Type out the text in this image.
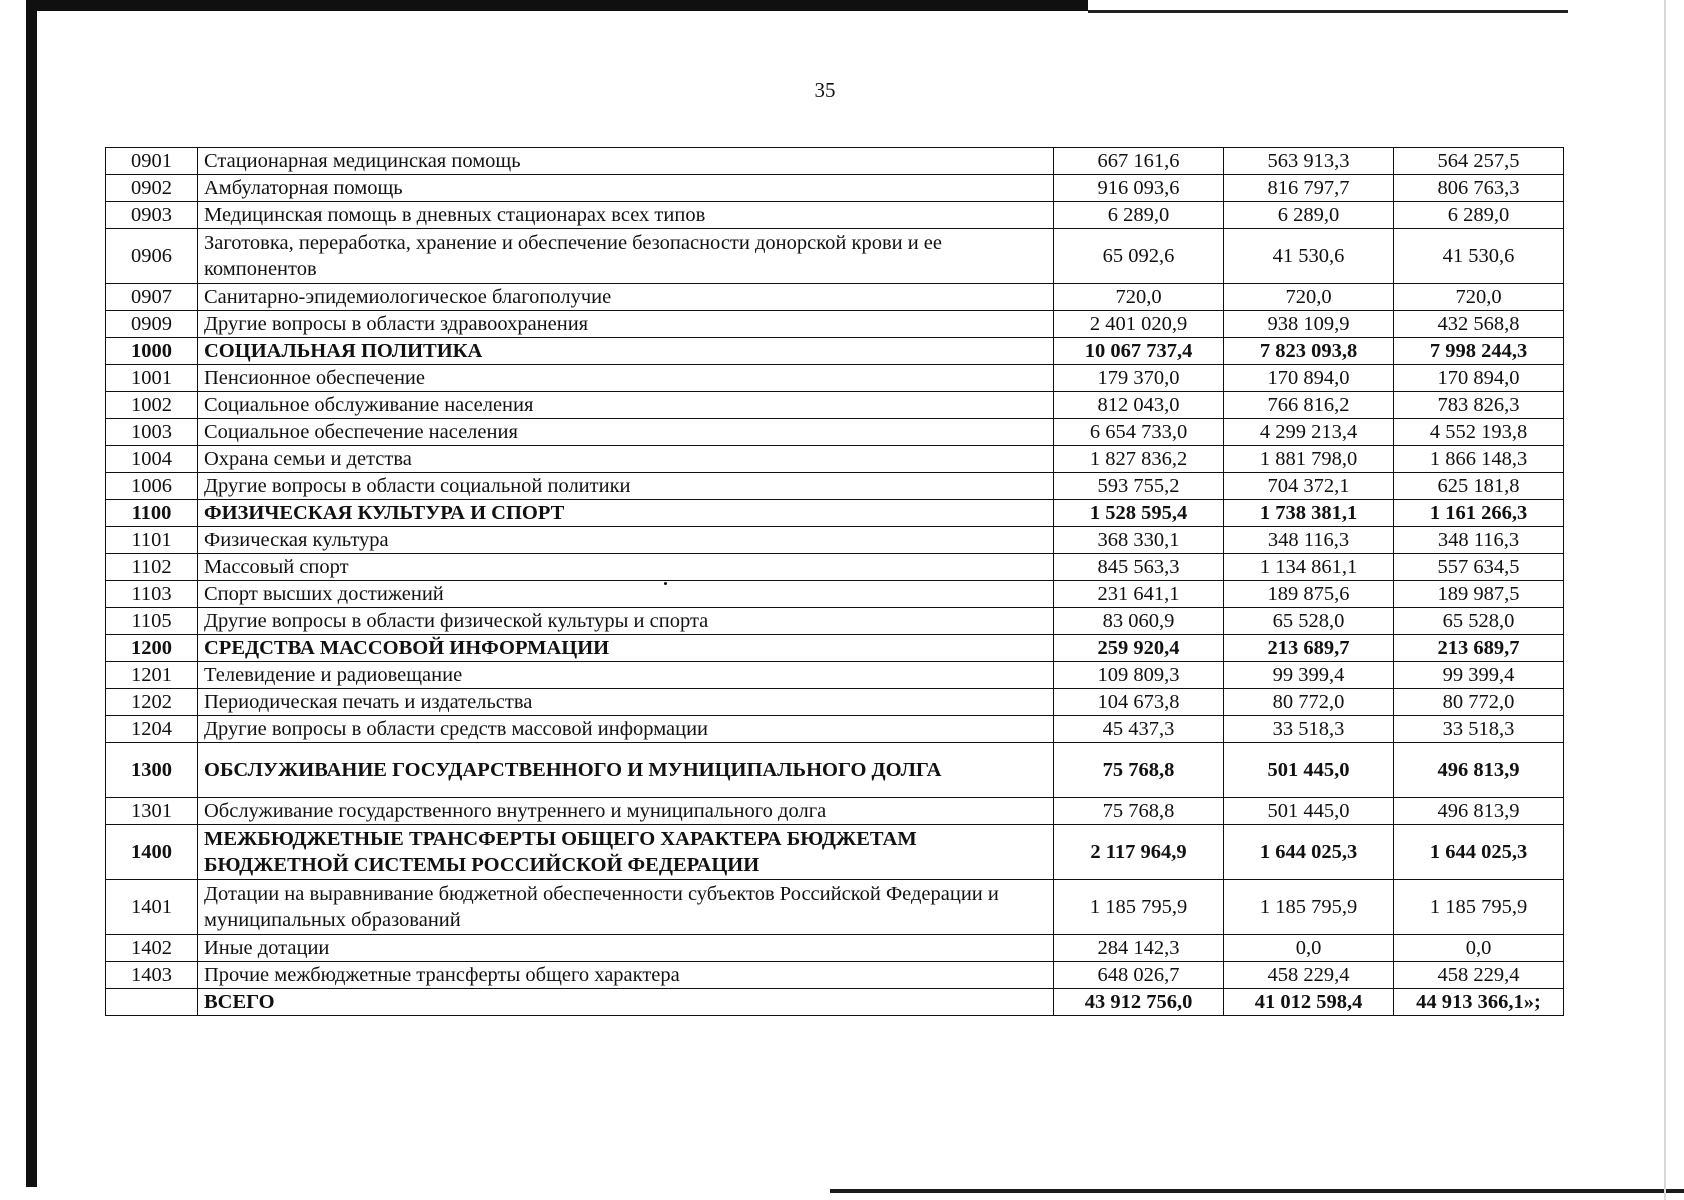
35
0901	Стационарная медицинская помощь	667 161,6	563 913,3	564 257,5
0902	Амбулаторная помощь	916 093,6	816 797,7	806 763,3
0903	Медицинская помощь в дневных стационарах всех типов	6 289,0	6 289,0	6 289,0
0906	Заготовка, переработка, хранение и обеспечение безопасности донорской крови и ее компонентов	65 092,6	41 530,6	41 530,6
0907	Санитарно-эпидемиологическое благополучие	720,0	720,0	720,0
0909	Другие вопросы в области здравоохранения	2 401 020,9	938 109,9	432 568,8
1000	СОЦИАЛЬНАЯ ПОЛИТИКА	10 067 737,4	7 823 093,8	7 998 244,3
1001	Пенсионное обеспечение	179 370,0	170 894,0	170 894,0
1002	Социальное обслуживание населения	812 043,0	766 816,2	783 826,3
1003	Социальное обеспечение населения	6 654 733,0	4 299 213,4	4 552 193,8
1004	Охрана семьи и детства	1 827 836,2	1 881 798,0	1 866 148,3
1006	Другие вопросы в области социальной политики	593 755,2	704 372,1	625 181,8
1100	ФИЗИЧЕСКАЯ КУЛЬТУРА И СПОРТ	1 528 595,4	1 738 381,1	1 161 266,3
1101	Физическая культура	368 330,1	348 116,3	348 116,3
1102	Массовый спорт	845 563,3	1 134 861,1	557 634,5
1103	Спорт высших достижений	231 641,1	189 875,6	189 987,5
1105	Другие вопросы в области физической культуры и спорта	83 060,9	65 528,0	65 528,0
1200	СРЕДСТВА МАССОВОЙ ИНФОРМАЦИИ	259 920,4	213 689,7	213 689,7
1201	Телевидение и радиовещание	109 809,3	99 399,4	99 399,4
1202	Периодическая печать и издательства	104 673,8	80 772,0	80 772,0
1204	Другие вопросы в области средств массовой информации	45 437,3	33 518,3	33 518,3
1300	ОБСЛУЖИВАНИЕ ГОСУДАРСТВЕННОГО И МУНИЦИПАЛЬНОГО ДОЛГА	75 768,8	501 445,0	496 813,9
1301	Обслуживание государственного внутреннего и муниципального долга	75 768,8	501 445,0	496 813,9
1400	МЕЖБЮДЖЕТНЫЕ ТРАНСФЕРТЫ ОБЩЕГО ХАРАКТЕРА БЮДЖЕТАМ БЮДЖЕТНОЙ СИСТЕМЫ РОССИЙСКОЙ ФЕДЕРАЦИИ	2 117 964,9	1 644 025,3	1 644 025,3
1401	Дотации на выравнивание бюджетной обеспеченности субъектов Российской Федерации и муниципальных образований	1 185 795,9	1 185 795,9	1 185 795,9
1402	Иные дотации	284 142,3	0,0	0,0
1403	Прочие межбюджетные трансферты общего характера	648 026,7	458 229,4	458 229,4
	ВСЕГО	43 912 756,0	41 012 598,4	44 913 366,1»;
